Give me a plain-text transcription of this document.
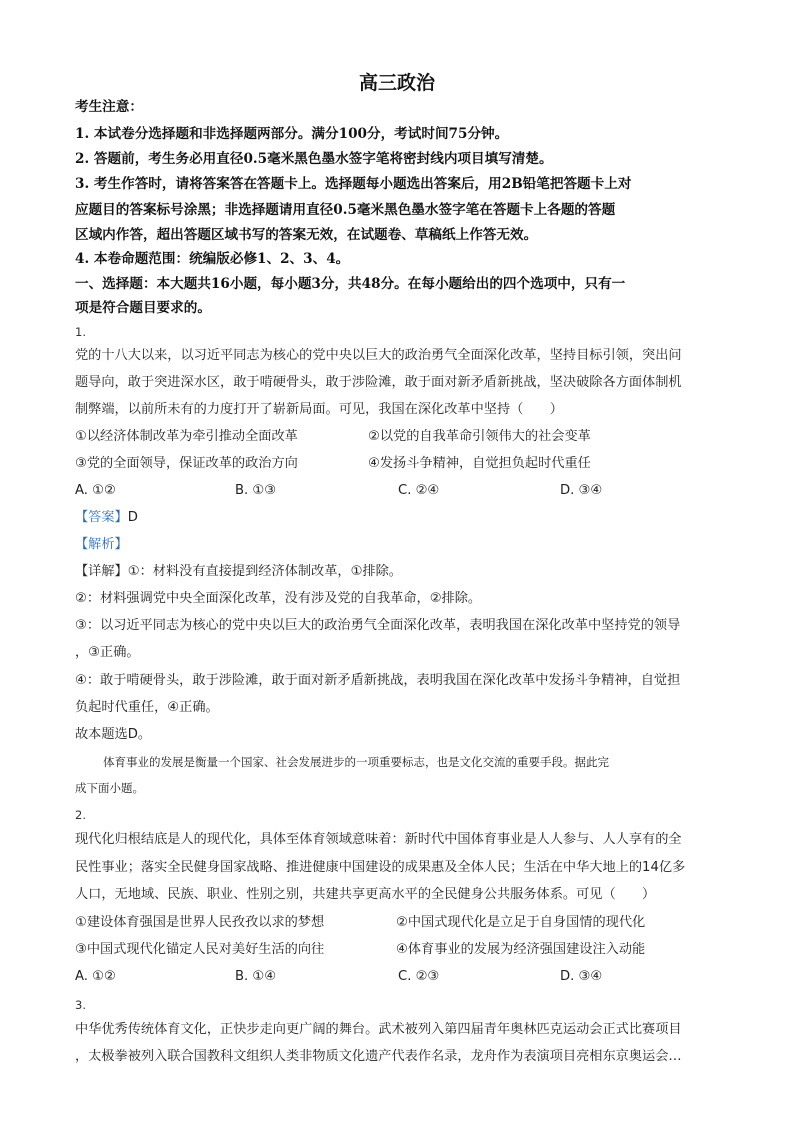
高三政治
考生注意：
1. 本试卷分选择题和非选择题两部分。满分100分，考试时间75分钟。
2. 答题前，考生务必用直径0.5毫米黑色墨水签字笔将密封线内项目填写清楚。
3. 考生作答时，请将答案答在答题卡上。选择题每小题选出答案后，用2B铅笔把答题卡上对
应题目的答案标号涂黑；非选择题请用直径0.5毫米黑色墨水签字笔在答题卡上各题的答题
区域内作答，超出答题区域书写的答案无效，在试题卷、草稿纸上作答无效。
4. 本卷命题范围：统编版必修1、2、3、4。
一、选择题：本大题共16小题，每小题3分，共48分。在每小题给出的四个选项中，只有一
项是符合题目要求的。
1.
党的十八大以来，以习近平同志为核心的党中央以巨大的政治勇气全面深化改革，坚持目标引领，突出问
题导向，敢于突进深水区，敢于啃硬骨头，敢于涉险滩，敢于面对新矛盾新挑战，坚决破除各方面体制机
制弊端，以前所未有的力度打开了崭新局面。可见，我国在深化改革中坚持（　　）
①以经济体制改革为牵引推动全面改革	②以党的自我革命引领伟大的社会变革
③党的全面领导，保证改革的政治方向	④发扬斗争精神，自觉担负起时代重任
A. ①②	B. ①③	C. ②④	D. ③④
【答案】D
【解析】
【详解】①：材料没有直接提到经济体制改革，①排除。
②：材料强调党中央全面深化改革，没有涉及党的自我革命，②排除。
③：以习近平同志为核心的党中央以巨大的政治勇气全面深化改革，表明我国在深化改革中坚持党的领导
，③正确。
④：敢于啃硬骨头，敢于涉险滩，敢于面对新矛盾新挑战，表明我国在深化改革中发扬斗争精神，自觉担
负起时代重任，④正确。
故本题选D。
体育事业的发展是衡量一个国家、社会发展进步的一项重要标志，也是文化交流的重要手段。据此完
成下面小题。
2.
现代化归根结底是人的现代化，具体至体育领域意味着：新时代中国体育事业是人人参与、人人享有的全
民性事业；落实全民健身国家战略、推进健康中国建设的成果惠及全体人民；生活在中华大地上的14亿多
人口，无地域、民族、职业、性别之别，共建共享更高水平的全民健身公共服务体系。可见（　　）
①建设体育强国是世界人民孜孜以求的梦想	②中国式现代化是立足于自身国情的现代化
③中国式现代化锚定人民对美好生活的向往	④体育事业的发展为经济强国建设注入动能
A. ①②	B. ①④	C. ②③	D. ③④
3.
中华优秀传统体育文化，正快步走向更广阔的舞台。武术被列入第四届青年奥林匹克运动会正式比赛项目
，太极拳被列入联合国教科文组织人类非物质文化遗产代表作名录，龙舟作为表演项目亮相东京奥运会…
